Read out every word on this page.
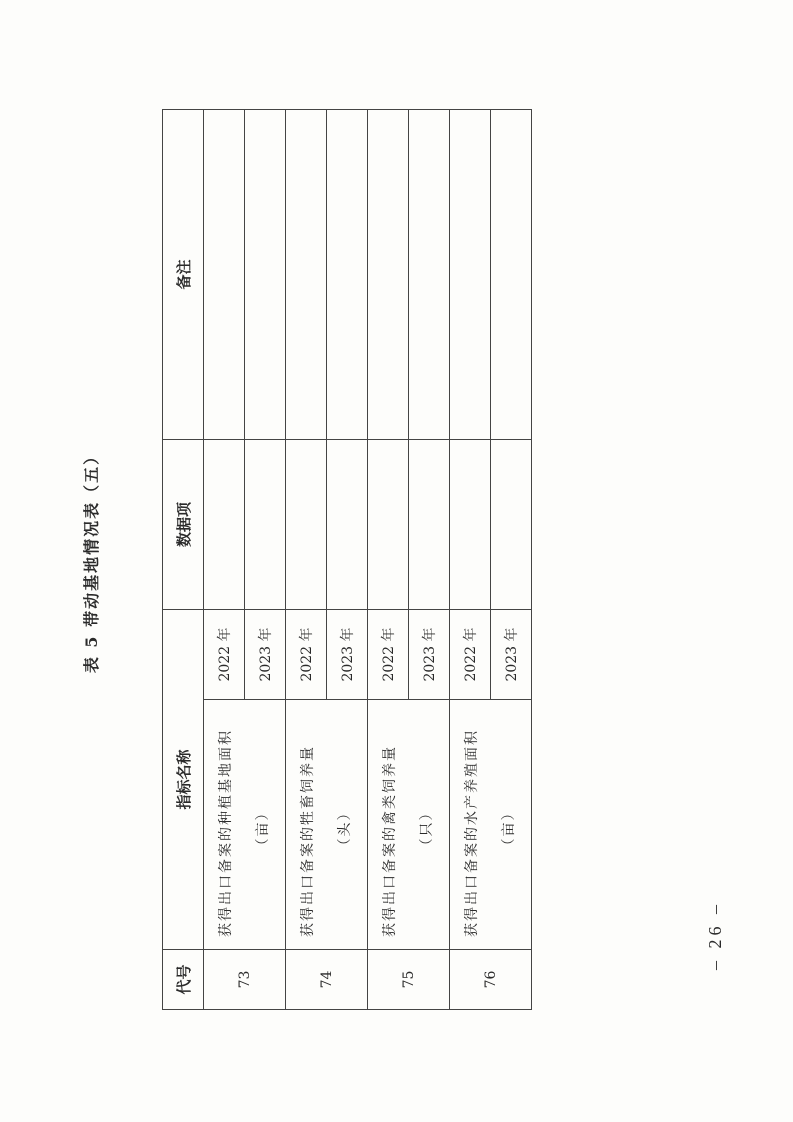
表 5 带动基地情况表（五）
代号	指标名称		数据项	备注
73	获得出口备案的种植基地面积 （亩）	2022 年		
		2023 年		
74	获得出口备案的牲畜饲养量 （头）	2022 年		
		2023 年		
75	获得出口备案的禽类饲养量 （只）	2022 年		
		2023 年		
76	获得出口备案的水产养殖面积 （亩）	2022 年		
		2023 年		
– 26 –
